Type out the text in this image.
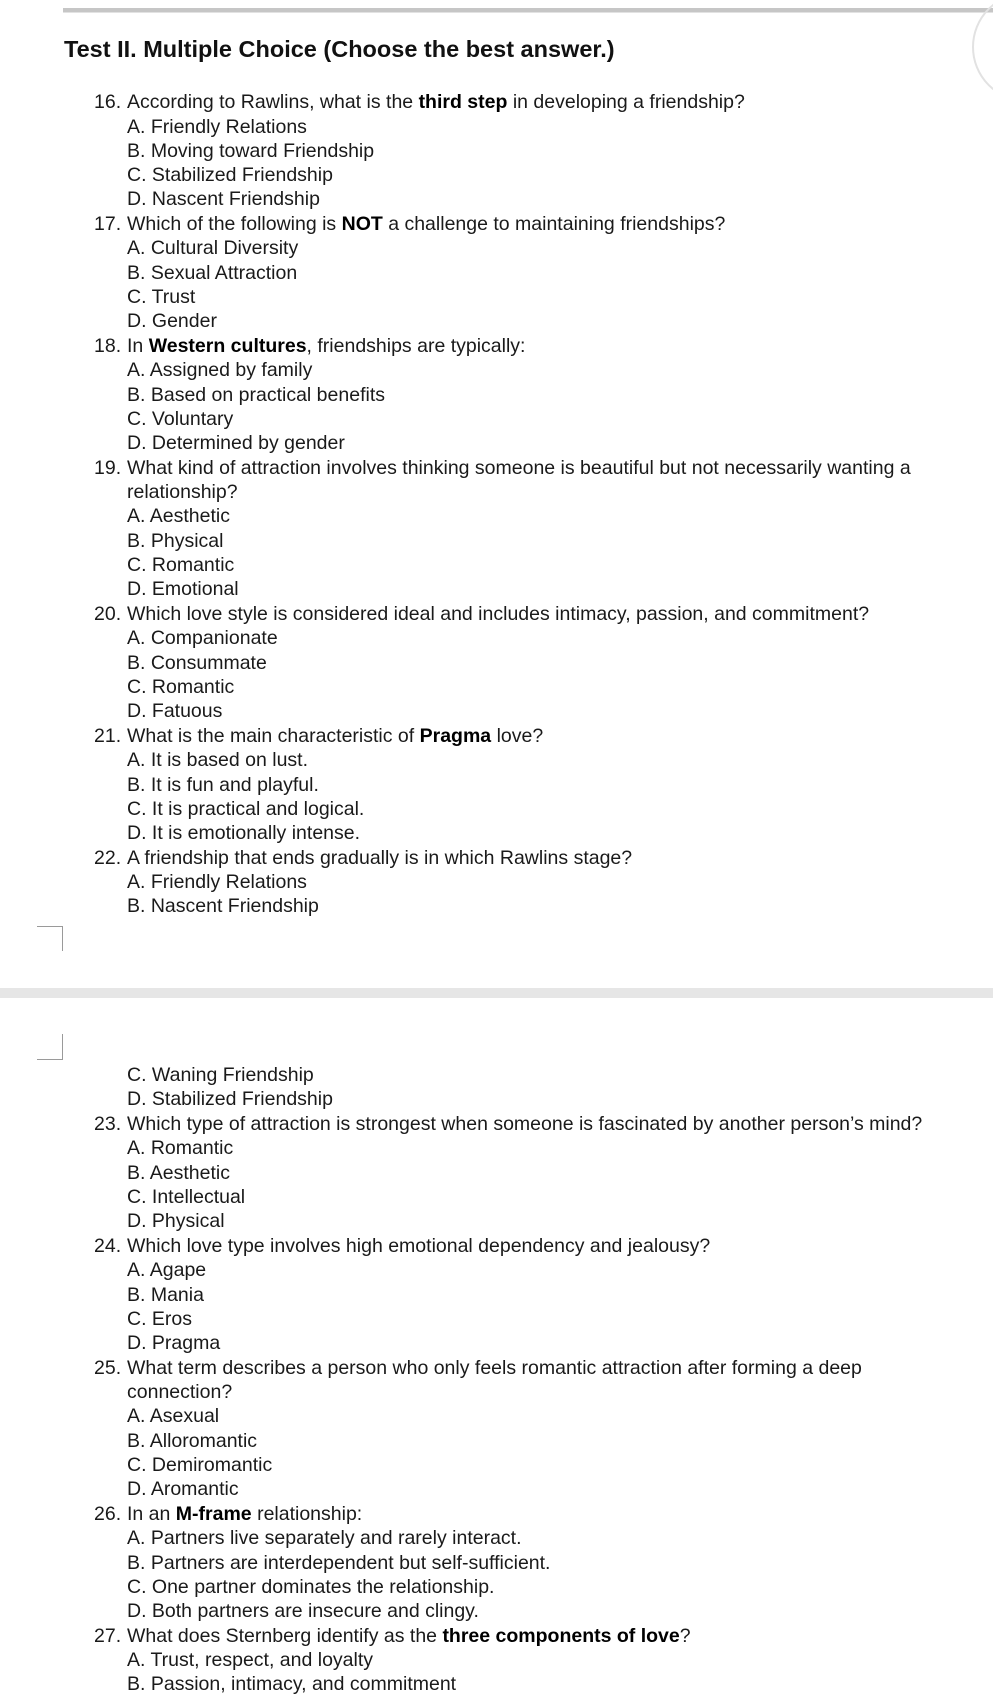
Test II. Multiple Choice (Choose the best answer.)
16. According to Rawlins, what is the third step in developing a friendship?
A. Friendly Relations
B. Moving toward Friendship
C. Stabilized Friendship
D. Nascent Friendship
17. Which of the following is NOT a challenge to maintaining friendships?
A. Cultural Diversity
B. Sexual Attraction
C. Trust
D. Gender
18. In Western cultures, friendships are typically:
A. Assigned by family
B. Based on practical benefits
C. Voluntary
D. Determined by gender
19. What kind of attraction involves thinking someone is beautiful but not necessarily wanting a
relationship?
A. Aesthetic
B. Physical
C. Romantic
D. Emotional
20. Which love style is considered ideal and includes intimacy, passion, and commitment?
A. Companionate
B. Consummate
C. Romantic
D. Fatuous
21. What is the main characteristic of Pragma love?
A. It is based on lust.
B. It is fun and playful.
C. It is practical and logical.
D. It is emotionally intense.
22. A friendship that ends gradually is in which Rawlins stage?
A. Friendly Relations
B. Nascent Friendship
C. Waning Friendship
D. Stabilized Friendship
23. Which type of attraction is strongest when someone is fascinated by another person’s mind?
A. Romantic
B. Aesthetic
C. Intellectual
D. Physical
24. Which love type involves high emotional dependency and jealousy?
A. Agape
B. Mania
C. Eros
D. Pragma
25. What term describes a person who only feels romantic attraction after forming a deep
connection?
A. Asexual
B. Alloromantic
C. Demiromantic
D. Aromantic
26. In an M-frame relationship:
A. Partners live separately and rarely interact.
B. Partners are interdependent but self-sufficient.
C. One partner dominates the relationship.
D. Both partners are insecure and clingy.
27. What does Sternberg identify as the three components of love?
A. Trust, respect, and loyalty
B. Passion, intimacy, and commitment
